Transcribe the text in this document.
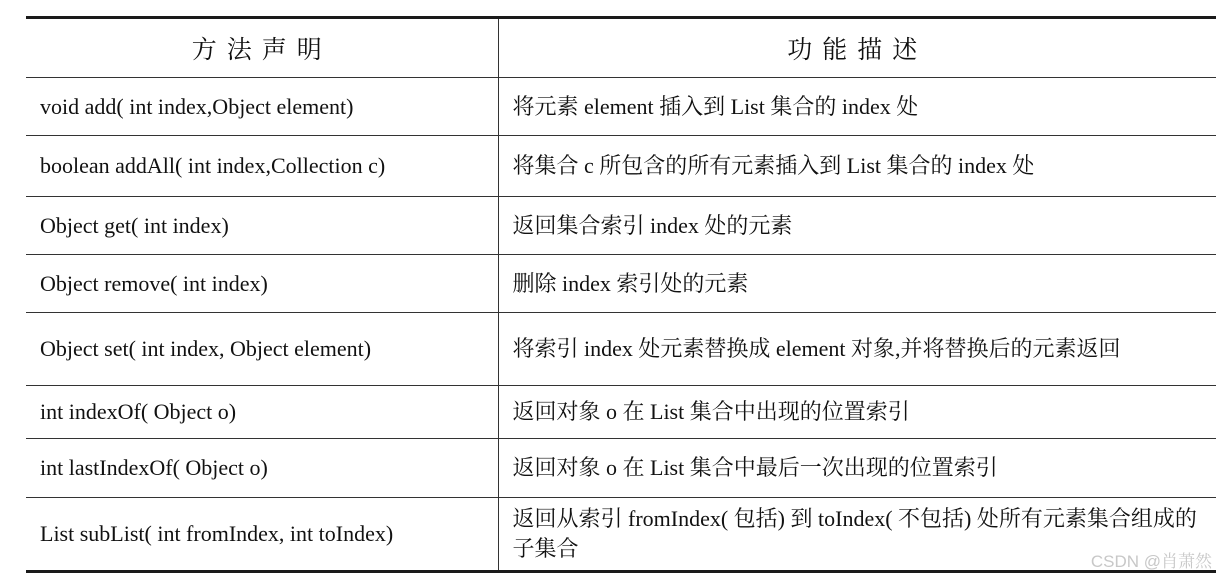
方法声明	功能描述
void add( int index,Object element)	将元素 element 插入到 List 集合的 index 处
boolean addAll( int index,Collection c)	将集合 c 所包含的所有元素插入到 List 集合的 index 处
Object get( int index)	返回集合索引 index 处的元素
Object remove( int index)	删除 index 索引处的元素
Object set( int index, Object element)	将索引 index 处元素替换成 element 对象,并将替换后的元素返回
int indexOf( Object o)	返回对象 o 在 List 集合中出现的位置索引
int lastIndexOf( Object o)	返回对象 o 在 List 集合中最后一次出现的位置索引
List subList( int fromIndex, int toIndex)	返回从索引 fromIndex( 包括) 到 toIndex( 不包括) 处所有元素集合组成的子集合
CSDN @肖萧然
